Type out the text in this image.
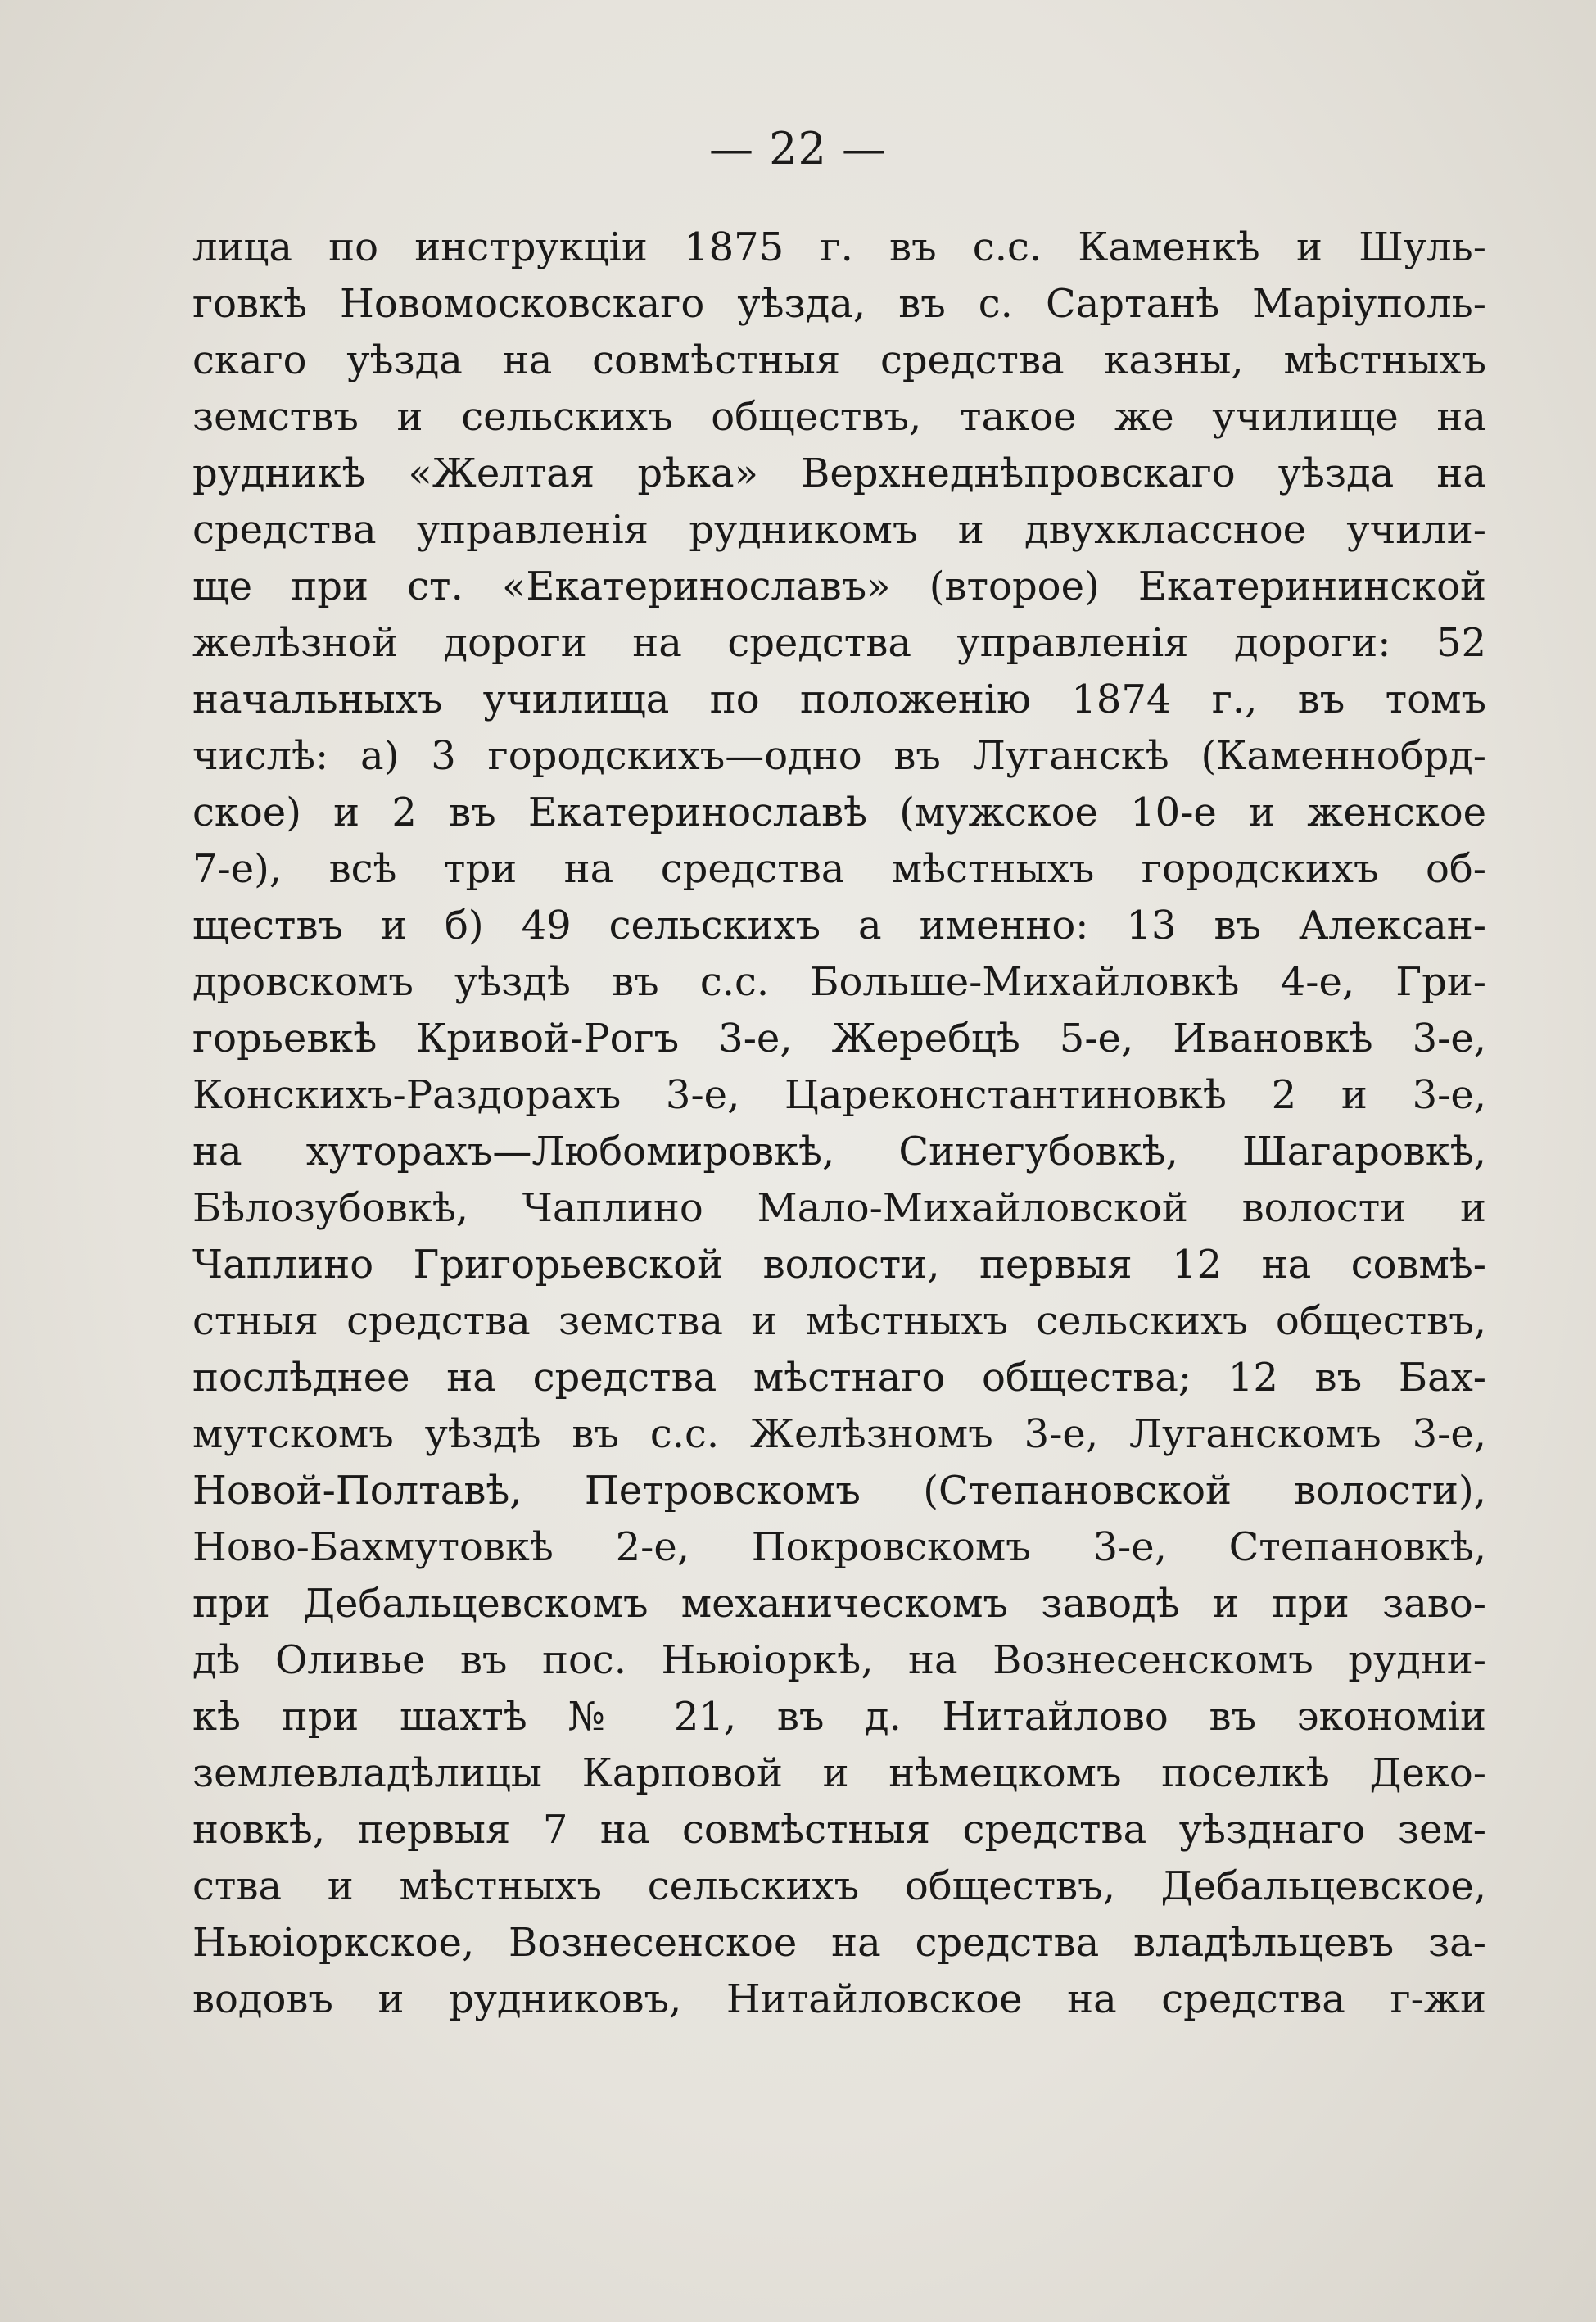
— 22 —
лица по инструкціи 1875 г. въ с.с. Каменкѣ и Шуль-
говкѣ Новомосковскаго уѣзда, въ с. Сартанѣ Маріуполь-
скаго уѣзда на совмѣстныя средства казны, мѣстныхъ
земствъ и сельскихъ обществъ, такое же училище на
рудникѣ «Желтая рѣка» Верхнеднѣпровскаго уѣзда на
средства управленія рудникомъ и двухклассное учили-
ще при ст. «Екатеринославъ» (второе) Екатерининской
желѣзной дороги на средства управленія дороги: 52
начальныхъ училища по положенію 1874 г., въ томъ
числѣ: а) 3 городскихъ—одно въ Луганскѣ (Каменнобрд-
ское) и 2 въ Екатеринославѣ (мужское 10-е и женское
7-е), всѣ три на средства мѣстныхъ городскихъ об-
ществъ и б) 49 сельскихъ а именно: 13 въ Алексан-
дровскомъ уѣздѣ въ с.с. Больше-Михайловкѣ 4-е, Гри-
горьевкѣ Кривой-Рогъ 3-е, Жеребцѣ 5-е, Ивановкѣ 3-е,
Конскихъ-Раздорахъ 3-е, Цареконстантиновкѣ 2 и 3-е,
на хуторахъ—Любомировкѣ, Синегубовкѣ, Шагаровкѣ,
Бѣлозубовкѣ, Чаплино Мало-Михайловской волости и
Чаплино Григорьевской волости, первыя 12 на совмѣ-
стныя средства земства и мѣстныхъ сельскихъ обществъ,
послѣднее на средства мѣстнаго общества; 12 въ Бах-
мутскомъ уѣздѣ въ с.с. Желѣзномъ 3-е, Луганскомъ 3-е,
Новой-Полтавѣ, Петровскомъ (Степановской волости),
Ново-Бахмутовкѣ 2-е, Покровскомъ 3-е, Степановкѣ,
при Дебальцевскомъ механическомъ заводѣ и при заво-
дѣ Оливье въ пос. Ньюіоркѣ, на Вознесенскомъ рудни-
кѣ при шахтѣ № 21, въ д. Нитайлово въ экономіи
землевладѣлицы Карповой и нѣмецкомъ поселкѣ Деко-
новкѣ, первыя 7 на совмѣстныя средства уѣзднаго зем-
ства и мѣстныхъ сельскихъ обществъ, Дебальцевское,
Ньюіоркское, Вознесенское на средства владѣльцевъ за-
водовъ и рудниковъ, Нитайловское на средства г-жи
